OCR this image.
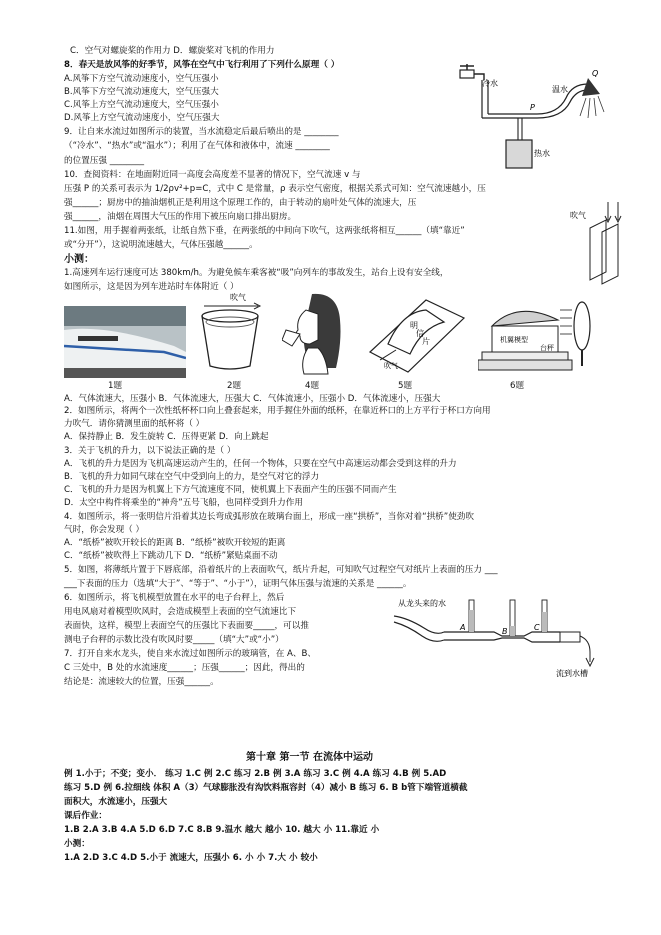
C．空气对螺旋桨的作用力 D．螺旋桨对飞机的作用力
8．春天是放风筝的好季节，风筝在空气中飞行利用了下列什么原理（ ）
A.风筝下方空气流动速度小，空气压强小
B.风筝下方空气流动速度大，空气压强大
C.风筝上方空气流动速度大，空气压强小
D.风筝上方空气流动速度小，空气压强大
9．让自来水流过如图所示的装置，当水流稳定后最后喷出的是 ________
（“冷水”、“热水”或“温水”）；利用了在气体和液体中，流速 ________
的位置压强 ________
10．查阅资料：在地面附近同一高度会高度差不显著的情况下，空气流速 v 与
压强 P 的关系可表示为 1/2ρv²+p=C，式中 C 是常量，ρ 表示空气密度，根据关系式可知：空气流速越小，压
强______；厨房中的抽油烟机正是利用这个原理工作的，由于转动的扇叶处气体的流速大，压
强______，油烟在周围大气压的作用下被压向扇口排出厨房。
11.如图，用手握着两张纸，让纸自然下垂，在两张纸的中间向下吹气，这两张纸将相互______（填“靠近”
或“分开”），这说明流速越大，气体压强越______。
小测：
1.高速列车运行速度可达 380km/h。为避免候车乘客被“吸”向列车的事故发生，站台上设有安全线，
如图所示，这是因为列车进站时车体附近（ ）
A．气体流速大，压强小 B．气体流速大，压强大 C．气体流速小，压强小 D．气体流速小，压强大
2．如图所示，将两个一次性纸杯杯口向上叠套起来，用手握住外面的纸杯，在靠近杯口的上方平行于杯口方向用
力吹气．请你猜测里面的纸杯将（ ）
A．保持静止 B．发生旋转 C．压得更紧 D．向上跳起
3．关于飞机的升力，以下说法正确的是（ ）
A．飞机的升力是因为飞机高速运动产生的，任何一个物体，只要在空气中高速运动都会受到这样的升力
B．飞机的升力如同气球在空气中受到向上的力，是空气对它的浮力
C．飞机的升力是因为机翼上下方气流速度不同，使机翼上下表面产生的压强不同而产生
D．太空中构件将乘坐的“神舟”五号飞船，也同样受到升力作用
4．如图所示，将一张明信片沿着其边长弯成弧形放在玻璃台面上，形成一座“拱桥”，当你对着“拱桥”使劲吹
气时，你会发现（ ）
A．“纸桥”被吹开较长的距离 B．“纸桥”被吹开较短的距离
C．“纸桥”被吹得上下跳动几下 D．“纸桥”紧贴桌面不动
5．如图，将薄纸片置于下唇底部，沿着纸片的上表面吹气，纸片升起，可知吹气过程空气对纸片上表面的压力 ___
___下表面的压力（选填“大于”、“等于”、“小于”），证明气体压强与流速的关系是 ______。
6．如图所示，将飞机模型放置在水平的电子台秤上，然后
用电风扇对着模型吹风时，会造成模型上表面的空气流速比下
表面快，这样，模型上表面空气的压强比下表面要_____，可以推
测电子台秤的示数比没有吹风时要_____（填“大”或“小”）
7．打开自来水龙头，使自来水流过如图所示的玻璃管，在 A、B、
C 三处中，B 处的水流速度______；压强______；因此，得出的
结论是：流速较大的位置，压强______。
第十章 第一节 在流体中运动
例 1.小于；不变；变小． 练习 1.C 例 2.C 练习 2.B 例 3.A 练习 3.C 例 4.A 练习 4.B 例 5.AD
练习 5.D 例 6.拉细线 体积 A（3）气球膨胀没有沟饮料瓶容封（4）减小 B 练习 6. B b管下端管道横截
面积大，水流速小，压强大
课后作业：
1.B 2.A 3.B 4.A 5.D 6.D 7.C 8.B 9.温水 越大 越小 10. 越大 小 11.靠近 小
小测：
1.A 2.D 3.C 4.D 5.小于 流速大，压强小 6. 小 小 7.大 小 较小
冷水
P
热水
Q
温水
吹气
1题
吹气
2题	4题
明
信
片
吹气
5题
机翼模型
台秤
6题
从龙头来的水
A	B	C
流到水槽
